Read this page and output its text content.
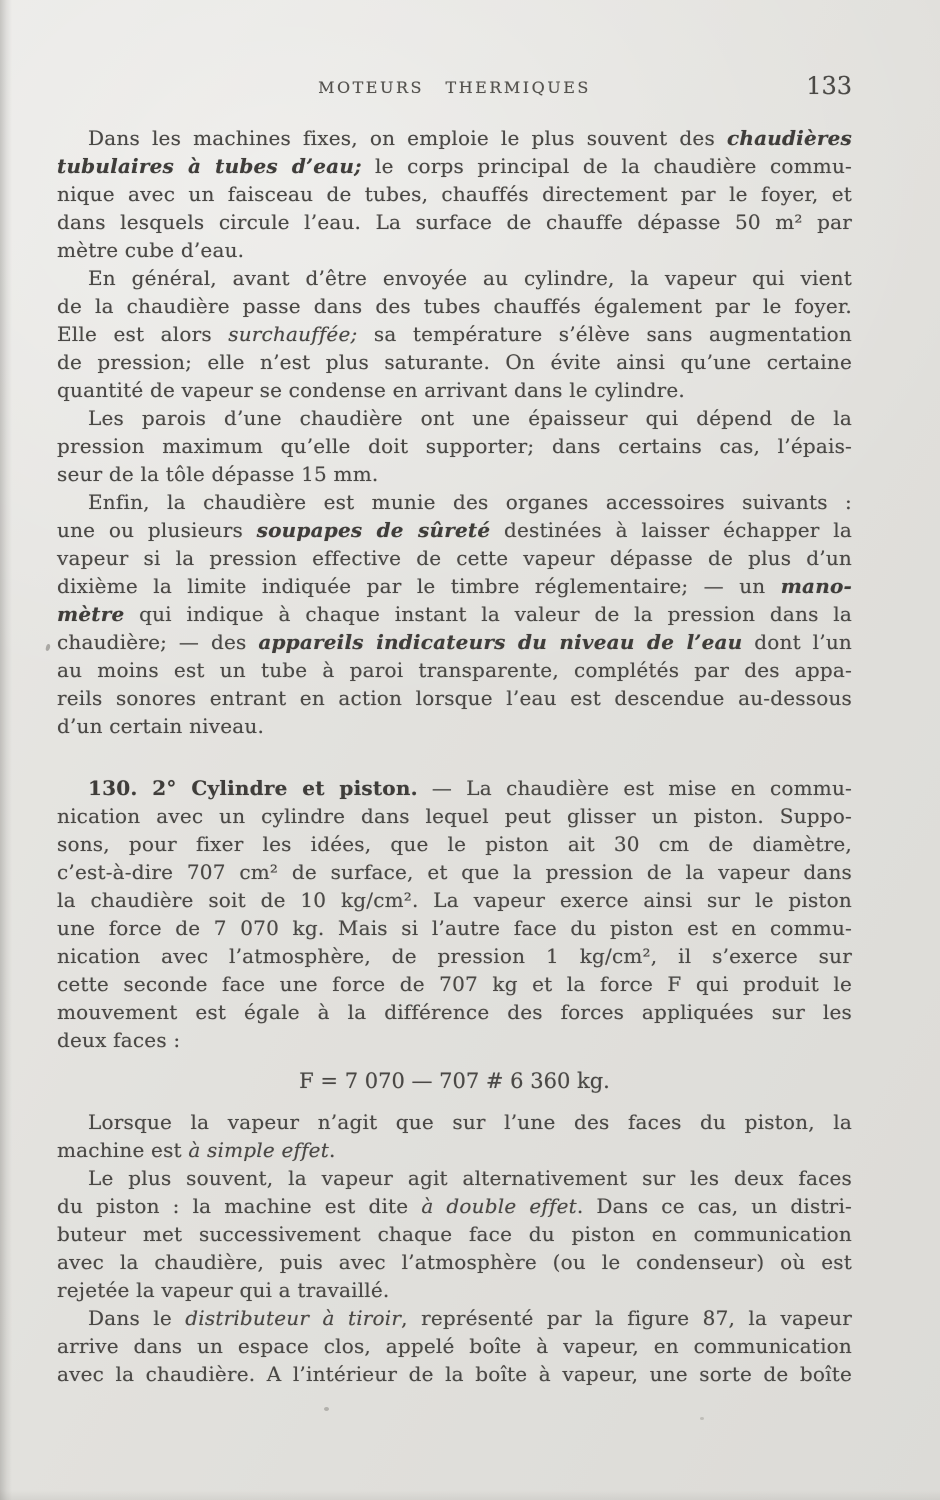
MOTEURS THERMIQUES	133

Dans les machines fixes, on emploie le plus souvent des chaudières
tubulaires à tubes d’eau; le corps principal de la chaudière commu-
nique avec un faisceau de tubes, chauffés directement par le foyer, et
dans lesquels circule l’eau. La surface de chauffe dépasse 50 m² par
mètre cube d’eau.

En général, avant d’être envoyée au cylindre, la vapeur qui vient
de la chaudière passe dans des tubes chauffés également par le foyer.
Elle est alors surchauffée; sa température s’élève sans augmentation
de pression; elle n’est plus saturante. On évite ainsi qu’une certaine
quantité de vapeur se condense en arrivant dans le cylindre.

Les parois d’une chaudière ont une épaisseur qui dépend de la
pression maximum qu’elle doit supporter; dans certains cas, l’épais-
seur de la tôle dépasse 15 mm.

Enfin, la chaudière est munie des organes accessoires suivants :
une ou plusieurs soupapes de sûreté destinées à laisser échapper la
vapeur si la pression effective de cette vapeur dépasse de plus d’un
dixième la limite indiquée par le timbre réglementaire; — un mano-
mètre qui indique à chaque instant la valeur de la pression dans la
chaudière; — des appareils indicateurs du niveau de l’eau dont l’un
au moins est un tube à paroi transparente, complétés par des appa-
reils sonores entrant en action lorsque l’eau est descendue au-dessous
d’un certain niveau.

130. 2° Cylindre et piston. — La chaudière est mise en commu-
nication avec un cylindre dans lequel peut glisser un piston. Suppo-
sons, pour fixer les idées, que le piston ait 30 cm de diamètre,
c’est-à-dire 707 cm² de surface, et que la pression de la vapeur dans
la chaudière soit de 10 kg/cm². La vapeur exerce ainsi sur le piston
une force de 7 070 kg. Mais si l’autre face du piston est en commu-
nication avec l’atmosphère, de pression 1 kg/cm², il s’exerce sur
cette seconde face une force de 707 kg et la force F qui produit le
mouvement est égale à la différence des forces appliquées sur les
deux faces :

F = 7 070 — 707 # 6 360 kg.

Lorsque la vapeur n’agit que sur l’une des faces du piston, la
machine est à simple effet.

Le plus souvent, la vapeur agit alternativement sur les deux faces
du piston : la machine est dite à double effet. Dans ce cas, un distri-
buteur met successivement chaque face du piston en communication
avec la chaudière, puis avec l’atmosphère (ou le condenseur) où est
rejetée la vapeur qui a travaillé.

Dans le distributeur à tiroir, représenté par la figure 87, la vapeur
arrive dans un espace clos, appelé boîte à vapeur, en communication
avec la chaudière. A l’intérieur de la boîte à vapeur, une sorte de boîte
